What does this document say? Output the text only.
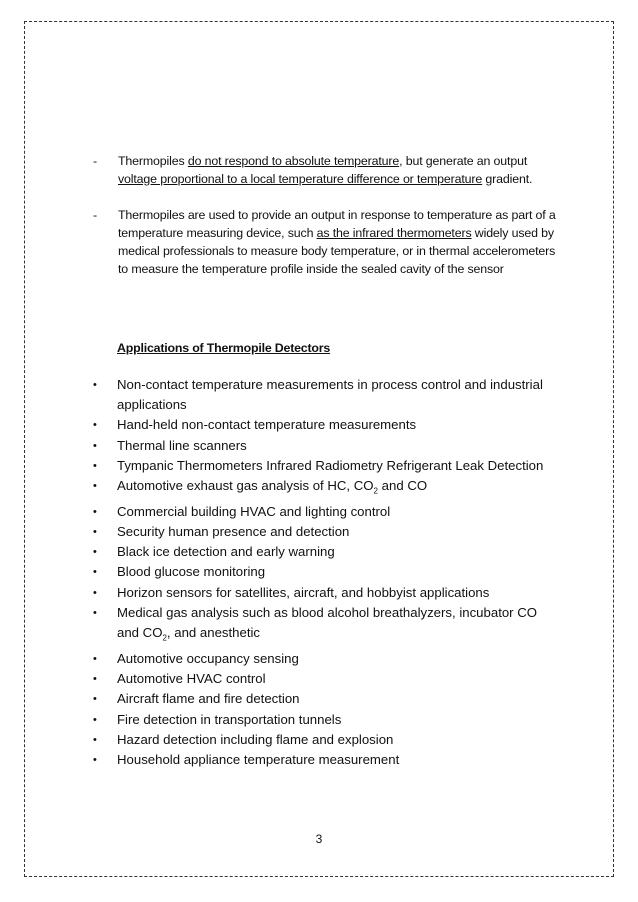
- Thermopiles do not respond to absolute temperature, but generate an output voltage proportional to a local temperature difference or temperature gradient.
- Thermopiles are used to provide an output in response to temperature as part of a temperature measuring device, such as the infrared thermometers widely used by medical professionals to measure body temperature, or in thermal accelerometers to measure the temperature profile inside the sealed cavity of the sensor
Applications of Thermopile Detectors
• Non-contact temperature measurements in process control and industrial applications
• Hand-held non-contact temperature measurements
• Thermal line scanners
• Tympanic Thermometers Infrared Radiometry Refrigerant Leak Detection
• Automotive exhaust gas analysis of HC, $CO_2$ and CO
• Commercial building HVAC and lighting control
• Security human presence and detection
• Black ice detection and early warning
• Blood glucose monitoring
• Horizon sensors for satellites, aircraft, and hobbyist applications
• Medical gas analysis such as blood alcohol breathalyzers, incubator CO and $CO_2$, and anesthetic
• Automotive occupancy sensing
• Automotive HVAC control
• Aircraft flame and fire detection
• Fire detection in transportation tunnels
• Hazard detection including flame and explosion
• Household appliance temperature measurement
3
